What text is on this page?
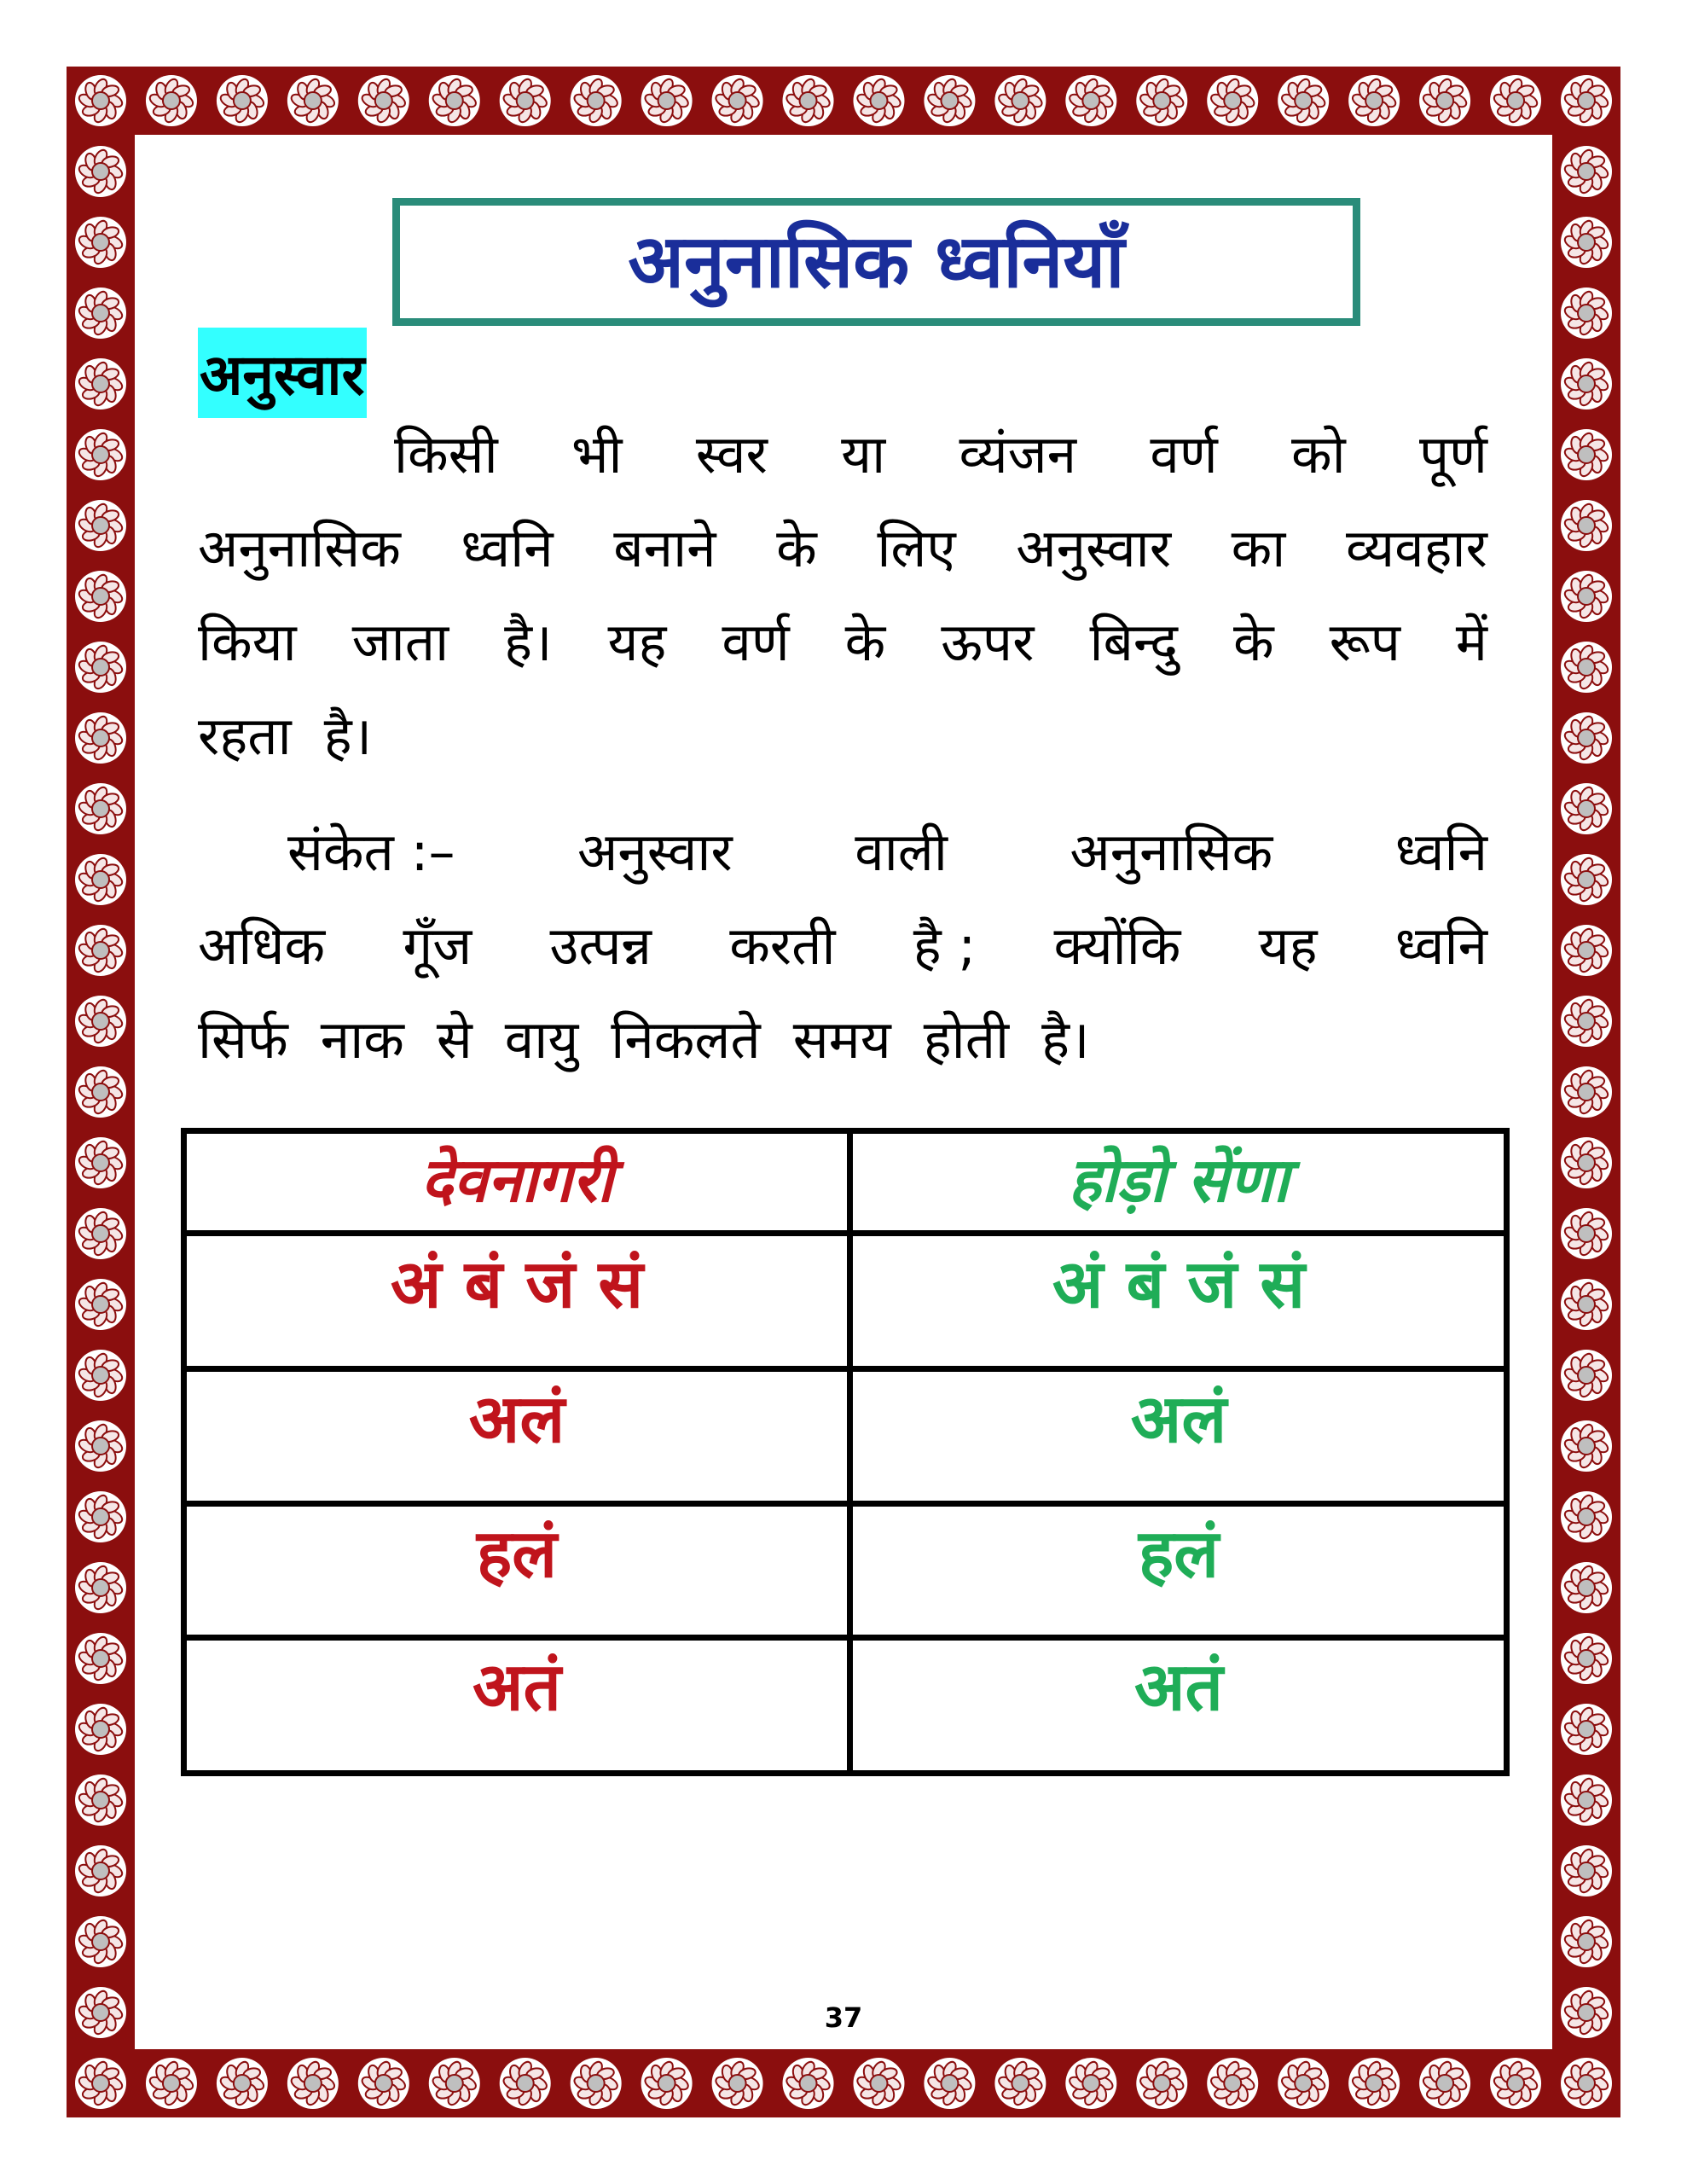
अनुनासिक ध्वनियाँ
अनुस्वार
किसी भी स्वर या व्यंजन वर्ण को पूर्ण
अनुनासिक ध्वनि बनाने के लिए अनुस्वार का व्यवहार
किया जाता है। यह वर्ण के ऊपर बिन्दु के रूप में
रहता है।
संकेत :– अनुस्वार वाली अनुनासिक ध्वनि
अधिक गूँज उत्पन्न करती है ; क्योंकि यह ध्वनि
सिर्फ नाक से वायु निकलते समय होती है।
देवनागरी	होड़ो सेंणा
अं बं जं सं	अं बं जं सं
अलं	अलं
हलं	हलं
अतं	अतं
37
